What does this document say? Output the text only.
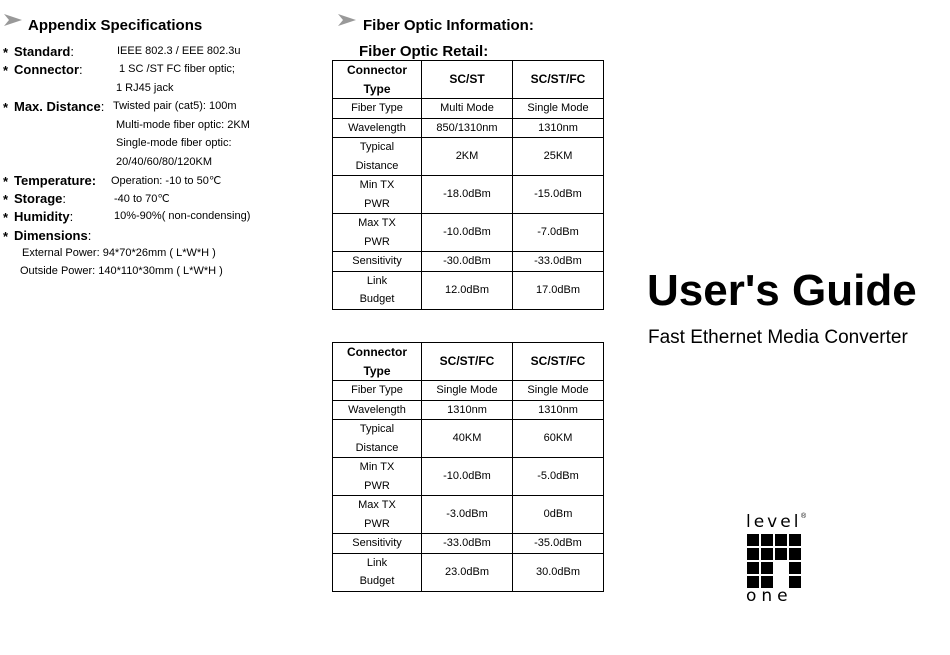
Appendix Specifications
* Standard:	IEEE 802.3 / EEE 802.3u
* Connector:	1 SC /ST FC fiber optic;
1 RJ45 jack
* Max. Distance: Twisted pair (cat5): 100m
Multi-mode fiber optic: 2KM
Single-mode fiber optic:
20/40/60/80/120KM
* Temperature: Operation: -10 to 50℃
* Storage:	-40 to 70℃
* Humidity:	10%-90%( non-condensing)
* Dimensions:
External Power: 94*70*26mm ( L*W*H )
Outside Power: 140*110*30mm ( L*W*H )
Fiber Optic Information:
Fiber Optic Retail:
Connector
Type	SC/ST	SC/ST/FC

Fiber Type	Multi Mode	Single Mode

Wavelength	850/1310nm	1310nm

Typical
Distance	2KM	25KM

Min TX
PWR	-18.0dBm	-15.0dBm

Max TX
PWR	-10.0dBm	-7.0dBm

Sensitivity	-30.0dBm	-33.0dBm

Link
Budget	12.0dBm	17.0dBm
Connector
Type	SC/ST/FC	SC/ST/FC

Fiber Type	Single Mode	Single Mode

Wavelength	1310nm	1310nm

Typical
Distance	40KM	60KM

Min TX
PWR	-10.0dBm	-5.0dBm

Max TX
PWR	-3.0dBm	0dBm

Sensitivity	-33.0dBm	-35.0dBm

Link
Budget	23.0dBm	30.0dBm
User's Guide
Fast Ethernet Media Converter
level ®
one
